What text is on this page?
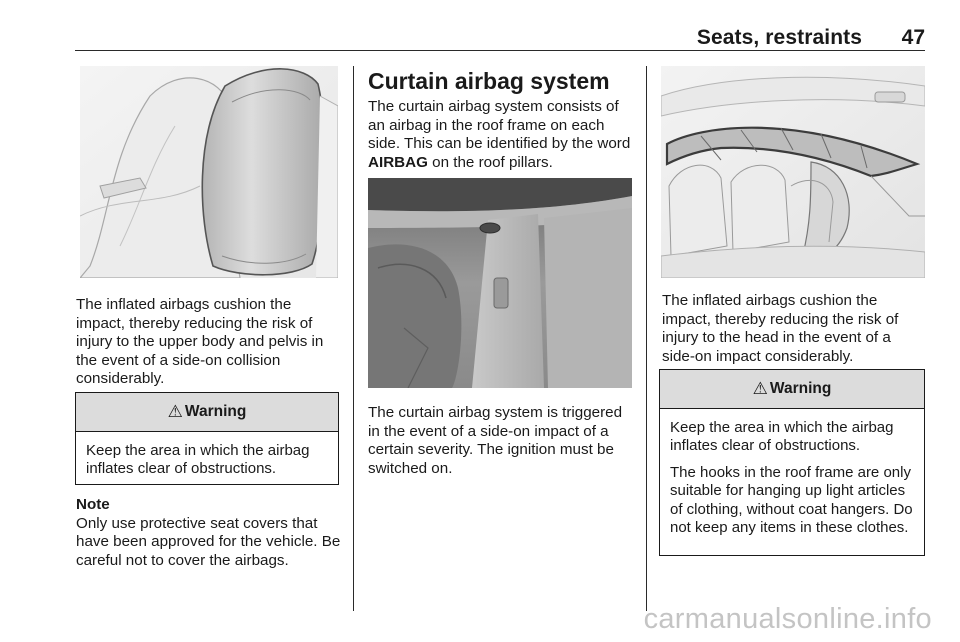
Seats, restraints	47

The inflated airbags cushion the impact, thereby reducing the risk of injury to the upper body and pelvis in the event of a side-on collision considerably.

⚠ Warning

Keep the area in which the airbag inflates clear of obstructions.

Note
Only use protective seat covers that have been approved for the vehicle. Be careful not to cover the airbags.

Curtain airbag system

The curtain airbag system consists of an airbag in the roof frame on each side. This can be identified by the word AIRBAG on the roof pillars.

The curtain airbag system is triggered in the event of a side-on impact of a certain severity. The ignition must be switched on.

The inflated airbags cushion the impact, thereby reducing the risk of injury to the head in the event of a side-on impact considerably.

⚠ Warning

Keep the area in which the airbag inflates clear of obstructions.

The hooks in the roof frame are only suitable for hanging up light articles of clothing, without coat hangers. Do not keep any items in these clothes.

carmanualsonline.info
